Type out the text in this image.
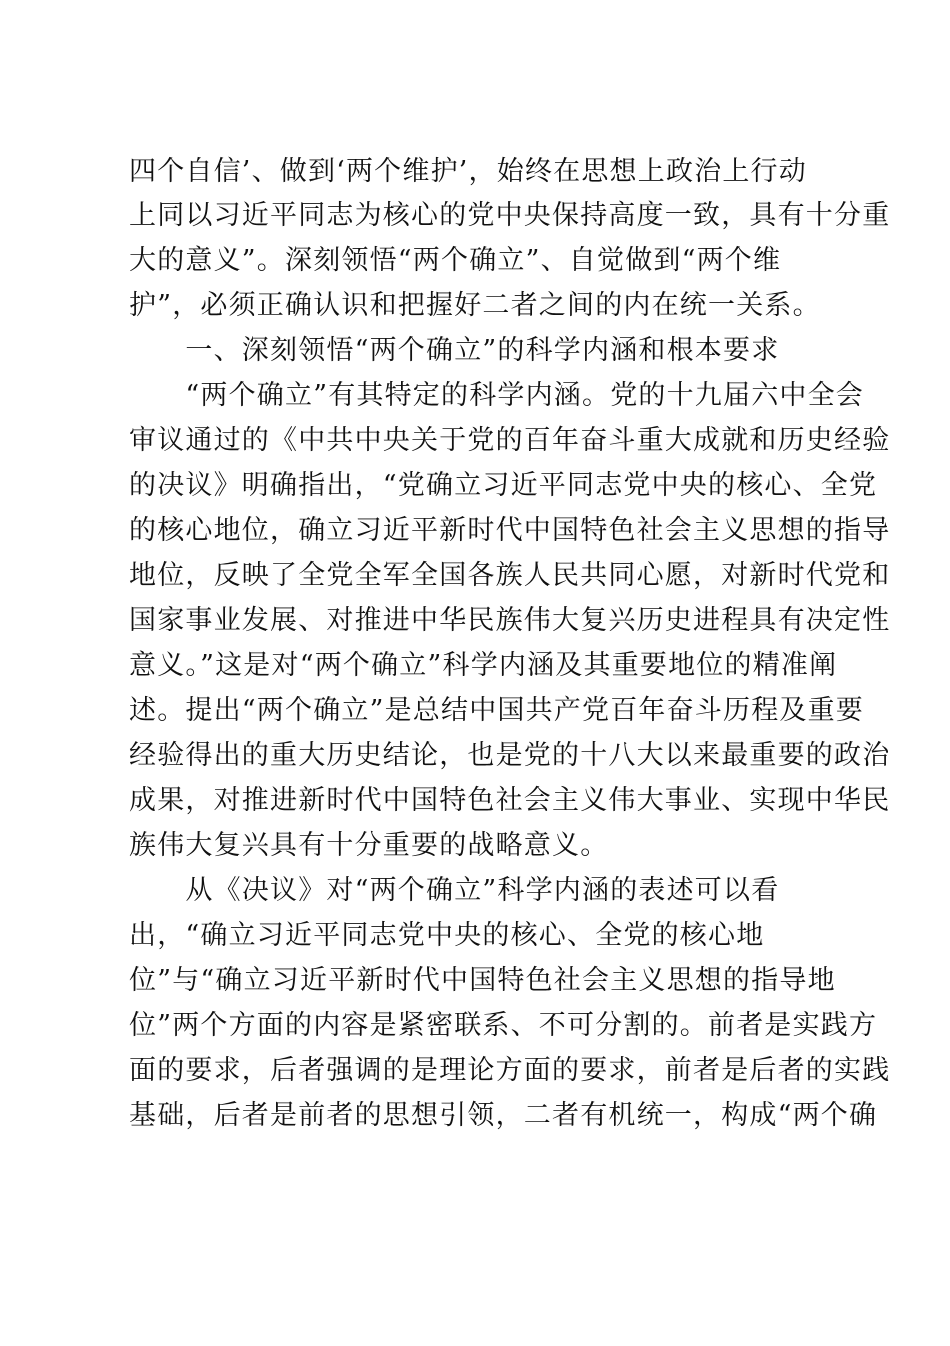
四个自信’、做到‘两个维护’，始终在思想上政治上行动
上同以习近平同志为核心的党中央保持高度一致，具有十分重
大的意义”。深刻领悟“两个确立”、自觉做到“两个维
护”，必须正确认识和把握好二者之间的内在统一关系。
　　一、深刻领悟“两个确立”的科学内涵和根本要求
　　“两个确立”有其特定的科学内涵。党的十九届六中全会
审议通过的《中共中央关于党的百年奋斗重大成就和历史经验
的决议》明确指出，“党确立习近平同志党中央的核心、全党
的核心地位，确立习近平新时代中国特色社会主义思想的指导
地位，反映了全党全军全国各族人民共同心愿，对新时代党和
国家事业发展、对推进中华民族伟大复兴历史进程具有决定性
意义。”这是对“两个确立”科学内涵及其重要地位的精准阐
述。提出“两个确立”是总结中国共产党百年奋斗历程及重要
经验得出的重大历史结论，也是党的十八大以来最重要的政治
成果，对推进新时代中国特色社会主义伟大事业、实现中华民
族伟大复兴具有十分重要的战略意义。
　　从《决议》对“两个确立”科学内涵的表述可以看
出，“确立习近平同志党中央的核心、全党的核心地
位”与“确立习近平新时代中国特色社会主义思想的指导地
位”两个方面的内容是紧密联系、不可分割的。前者是实践方
面的要求，后者强调的是理论方面的要求，前者是后者的实践
基础，后者是前者的思想引领，二者有机统一，构成“两个确
